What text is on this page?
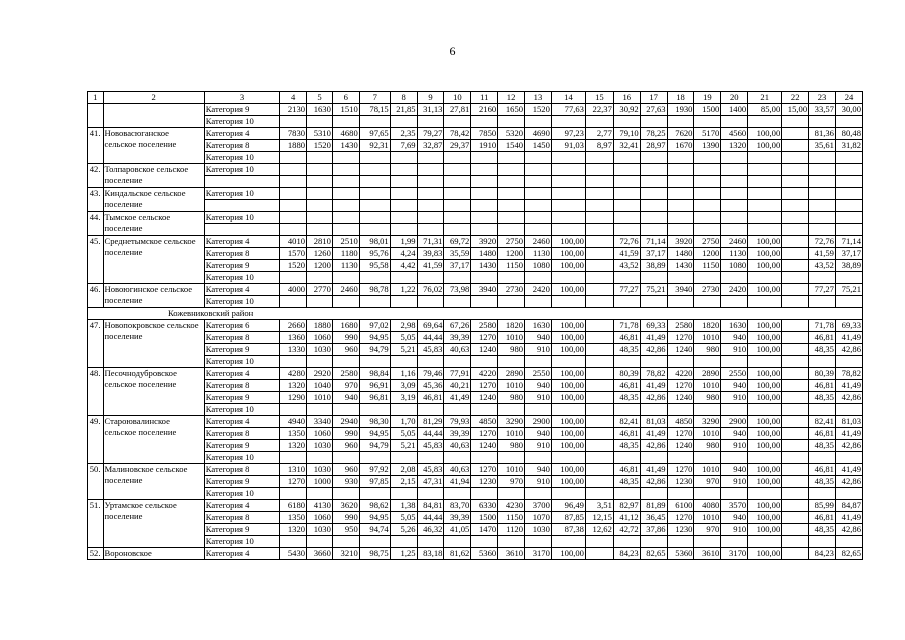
6
1	2	3	4	5	6	7	8	9	10	11	12	13	14	15	16	17	18	19	20	21	22	23	24
		Категория 9	2130	1630	1510	78,15	21,85	31,13	27,81	2160	1650	1520	77,63	22,37	30,92	27,63	1930	1500	1400	85,00	15,00	33,57	30,00
		Категория 10																					
41.	Нововасюганское сельское поселение	Категория 4	7830	5310	4680	97,65	2,35	79,27	78,42	7850	5320	4690	97,23	2,77	79,10	78,25	7620	5170	4560	100,00		81,36	80,48
		Категория 8	1880	1520	1430	92,31	7,69	32,87	29,37	1910	1540	1450	91,03	8,97	32,41	28,97	1670	1390	1320	100,00		35,61	31,82
		Категория 10																					
42.	Толпаровское сельское поселение	Категория 10																					

43.	Киндальское сельское поселение	Категория 10																					

44.	Тымское сельское поселение	Категория 10																					

45.	Среднетымское сельское поселение	Категория 4	4010	2810	2510	98,01	1,99	71,31	69,72	3920	2750	2460	100,00		72,76	71,14	3920	2750	2460	100,00		72,76	71,14
		Категория 8	1570	1260	1180	95,76	4,24	39,83	35,59	1480	1200	1130	100,00		41,59	37,17	1480	1200	1130	100,00		41,59	37,17
		Категория 9	1520	1200	1130	95,58	4,42	41,59	37,17	1430	1150	1080	100,00		43,52	38,89	1430	1150	1080	100,00		43,52	38,89
		Категория 10																					
46.	Новоюгинское сельское поселение	Категория 4	4000	2770	2460	98,78	1,22	76,02	73,98	3940	2730	2420	100,00		77,27	75,21	3940	2730	2420	100,00		77,27	75,21
		Категория 10																					
Кожевниковский район																							
47.	Новопокровское сельское поселение	Категория 6	2660	1880	1680	97,02	2,98	69,64	67,26	2580	1820	1630	100,00		71,78	69,33	2580	1820	1630	100,00		71,78	69,33
		Категория 8	1360	1060	990	94,95	5,05	44,44	39,39	1270	1010	940	100,00		46,81	41,49	1270	1010	940	100,00		46,81	41,49
		Категория 9	1330	1030	960	94,79	5,21	45,83	40,63	1240	980	910	100,00		48,35	42,86	1240	980	910	100,00		48,35	42,86
		Категория 10																					
48.	Песочнодубровское сельское поселение	Категория 4	4280	2920	2580	98,84	1,16	79,46	77,91	4220	2890	2550	100,00		80,39	78,82	4220	2890	2550	100,00		80,39	78,82
		Категория 8	1320	1040	970	96,91	3,09	45,36	40,21	1270	1010	940	100,00		46,81	41,49	1270	1010	940	100,00		46,81	41,49
		Категория 9	1290	1010	940	96,81	3,19	46,81	41,49	1240	980	910	100,00		48,35	42,86	1240	980	910	100,00		48,35	42,86
		Категория 10																					
49.	Староювалинское сельское поселение	Категория 4	4940	3340	2940	98,30	1,70	81,29	79,93	4850	3290	2900	100,00		82,41	81,03	4850	3290	2900	100,00		82,41	81,03
		Категория 8	1350	1060	990	94,95	5,05	44,44	39,39	1270	1010	940	100,00		46,81	41,49	1270	1010	940	100,00		46,81	41,49
		Категория 9	1320	1030	960	94,79	5,21	45,83	40,63	1240	980	910	100,00		48,35	42,86	1240	980	910	100,00		48,35	42,86
		Категория 10																					
50.	Малиновское сельское поселение	Категория 8	1310	1030	960	97,92	2,08	45,83	40,63	1270	1010	940	100,00		46,81	41,49	1270	1010	940	100,00		46,81	41,49
		Категория 9	1270	1000	930	97,85	2,15	47,31	41,94	1230	970	910	100,00		48,35	42,86	1230	970	910	100,00		48,35	42,86
		Категория 10																					
51.	Уртамское сельское поселение	Категория 4	6180	4130	3620	98,62	1,38	84,81	83,70	6330	4230	3700	96,49	3,51	82,97	81,89	6100	4080	3570	100,00		85,99	84,87
		Категория 8	1350	1060	990	94,95	5,05	44,44	39,39	1500	1150	1070	87,85	12,15	41,12	36,45	1270	1010	940	100,00		46,81	41,49
		Категория 9	1320	1030	950	94,74	5,26	46,32	41,05	1470	1120	1030	87,38	12,62	42,72	37,86	1230	970	910	100,00		48,35	42,86
		Категория 10																					
52.	Вороновское	Категория 4	5430	3660	3210	98,75	1,25	83,18	81,62	5360	3610	3170	100,00		84,23	82,65	5360	3610	3170	100,00		84,23	82,65
